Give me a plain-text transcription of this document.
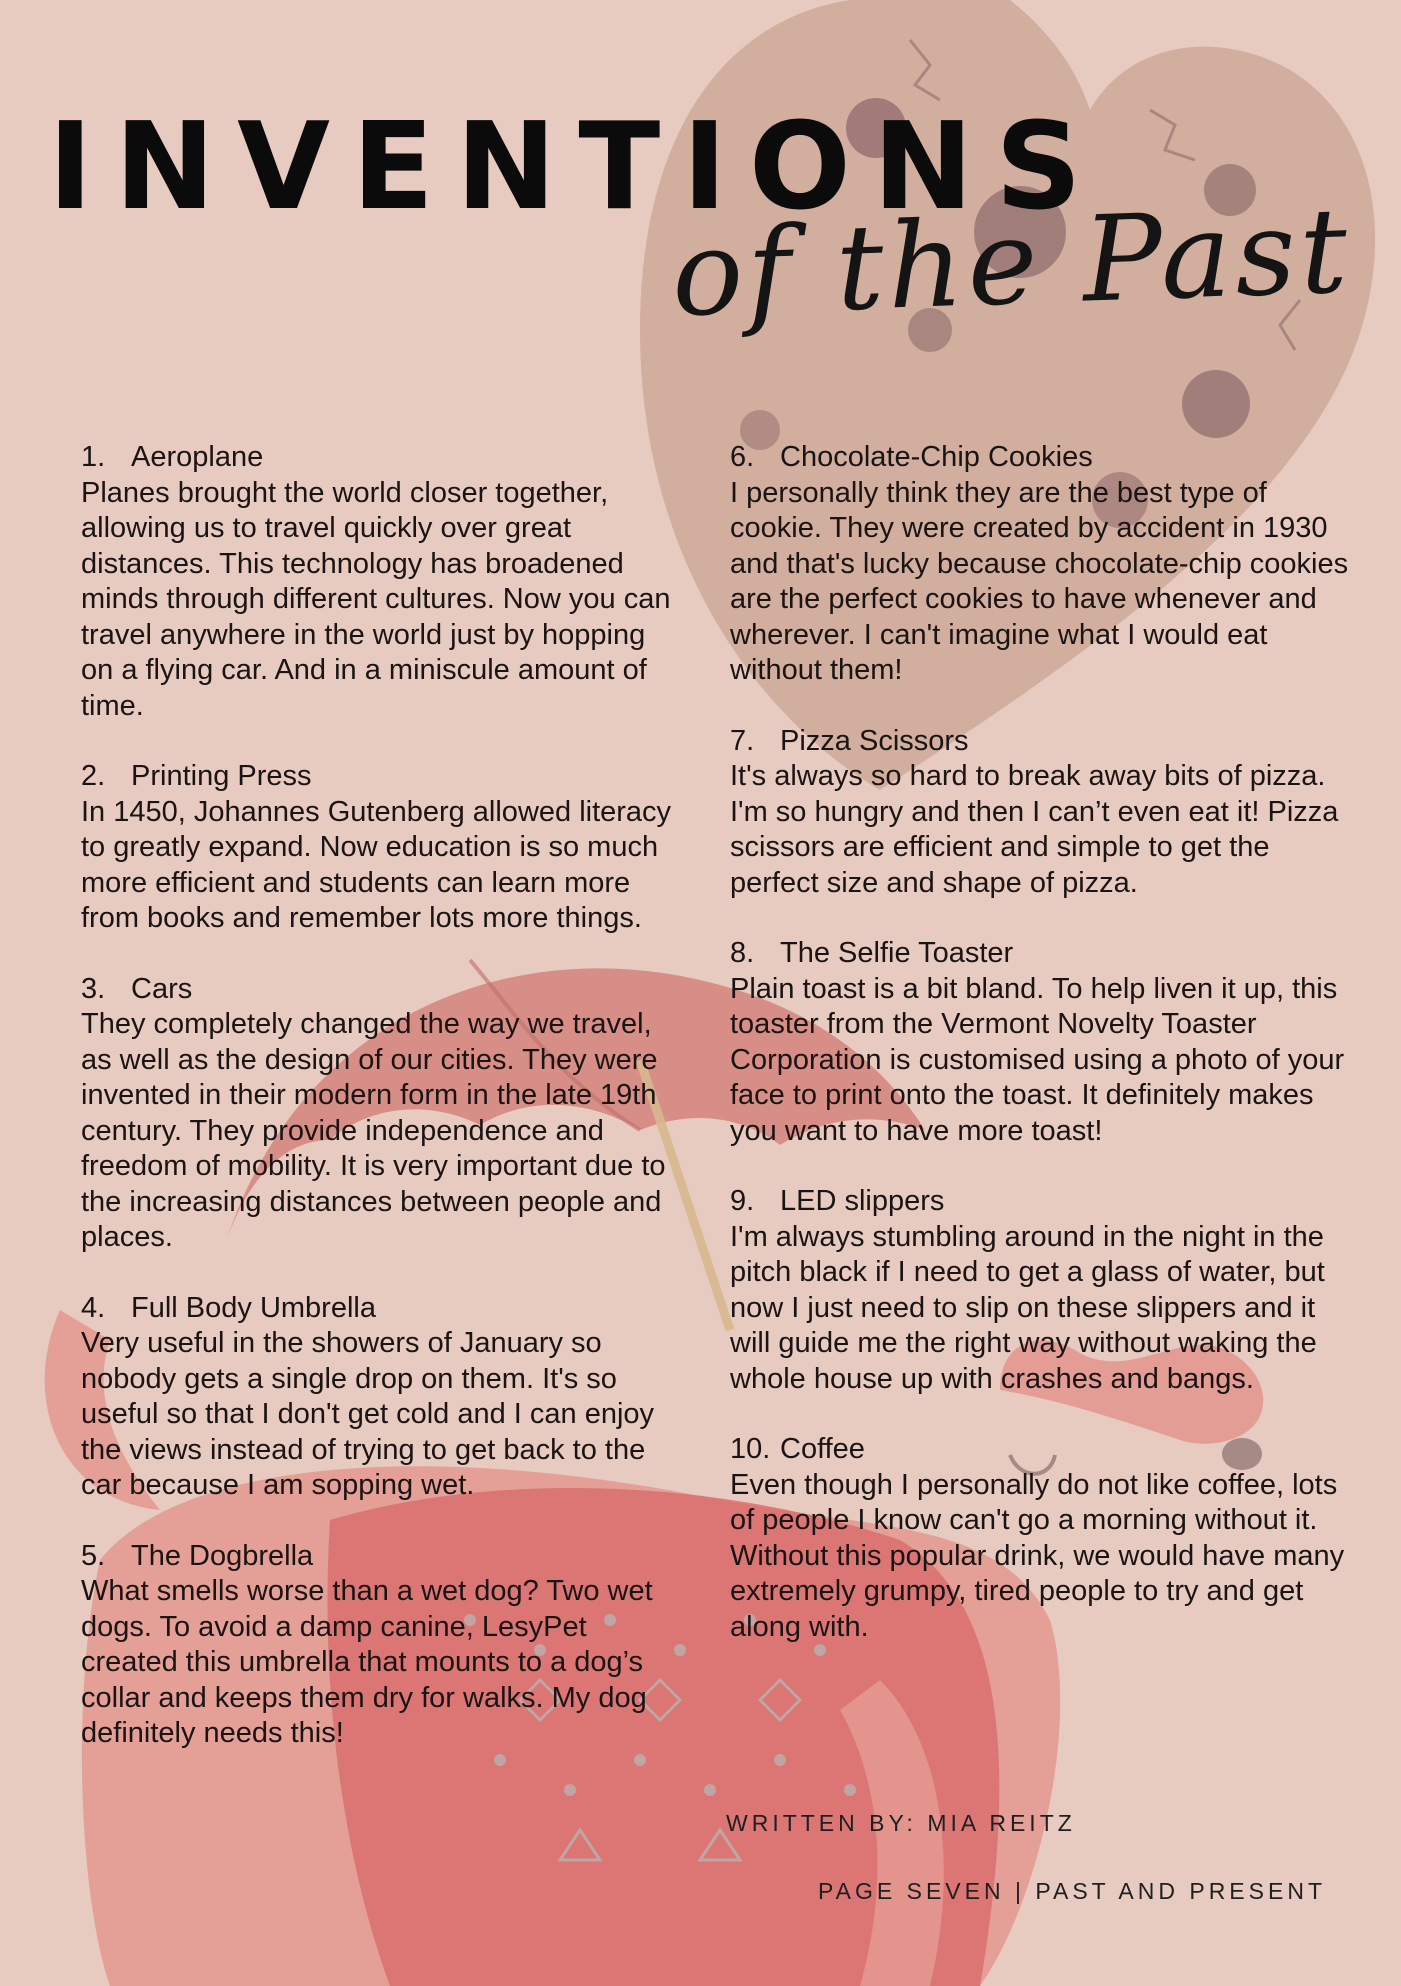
INVENTIONS
of the Past
1. Aeroplane

Planes brought the world closer together, allowing us to travel quickly over great distances. This technology has broadened minds through different cultures. Now you can travel anywhere in the world just by hopping on a flying car. And in a miniscule amount of time.

2. Printing Press

In 1450, Johannes Gutenberg allowed literacy to greatly expand. Now education is so much more efficient and students can learn more from books and remember lots more things.

3. Cars

They completely changed the way we travel, as well as the design of our cities. They were invented in their modern form in the late 19th century. They provide independence and freedom of mobility. It is very important due to the increasing distances between people and places.

4. Full Body Umbrella

Very useful in the showers of January so nobody gets a single drop on them. It's so useful so that I don't get cold and I can enjoy the views instead of trying to get back to the car because I am sopping wet.

5. The Dogbrella

What smells worse than a wet dog? Two wet dogs. To avoid a damp canine, LesyPet created this umbrella that mounts to a dog’s collar and keeps them dry for walks. My dog definitely needs this!

6. Chocolate-Chip Cookies

I personally think they are the best type of cookie. They were created by accident in 1930 and that's lucky because chocolate-chip cookies are the perfect cookies to have whenever and wherever. I can't imagine what I would eat without them!

7. Pizza Scissors

It's always so hard to break away bits of pizza. I'm so hungry and then I can’t even eat it! Pizza scissors are efficient and simple to get the perfect size and shape of pizza.

8. The Selfie Toaster

Plain toast is a bit bland. To help liven it up, this toaster from the Vermont Novelty Toaster Corporation is customised using a photo of your face to print onto the toast. It definitely makes you want to have more toast!

9. LED slippers

I'm always stumbling around in the night in the pitch black if I need to get a glass of water, but now I just need to slip on these slippers and it will guide me the right way without waking the whole house up with crashes and bangs.

10. Coffee

Even though I personally do not like coffee, lots of people I know can't go a morning without it. Without this popular drink, we would have many extremely grumpy, tired people to try and get along with.

WRITTEN BY: MIA REITZ
PAGE SEVEN | PAST AND PRESENT
